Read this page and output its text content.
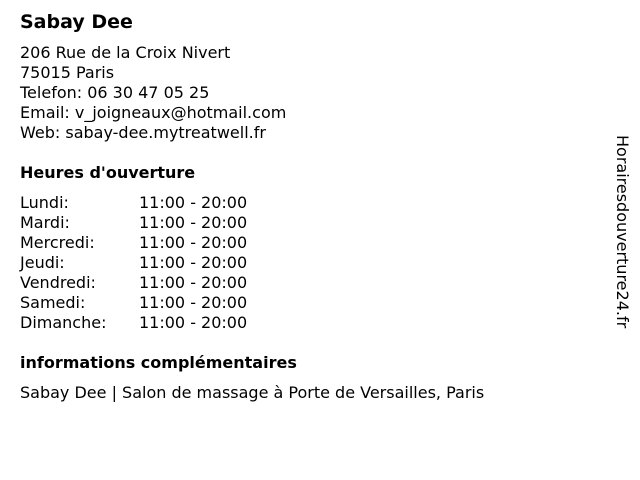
Sabay Dee
206 Rue de la Croix Nivert
75015 Paris
Telefon: 06 30 47 05 25
Email: v_joigneaux@hotmail.com
Web: sabay-dee.mytreatwell.fr
Heures d'ouverture
Lundi:	11:00 - 20:00
Mardi:	11:00 - 20:00
Mercredi:	11:00 - 20:00
Jeudi:	11:00 - 20:00
Vendredi:	11:00 - 20:00
Samedi:	11:00 - 20:00
Dimanche: 11:00 - 20:00
informations complémentaires
Sabay Dee | Salon de massage à Porte de Versailles, Paris
Horairesdouverture24.fr
